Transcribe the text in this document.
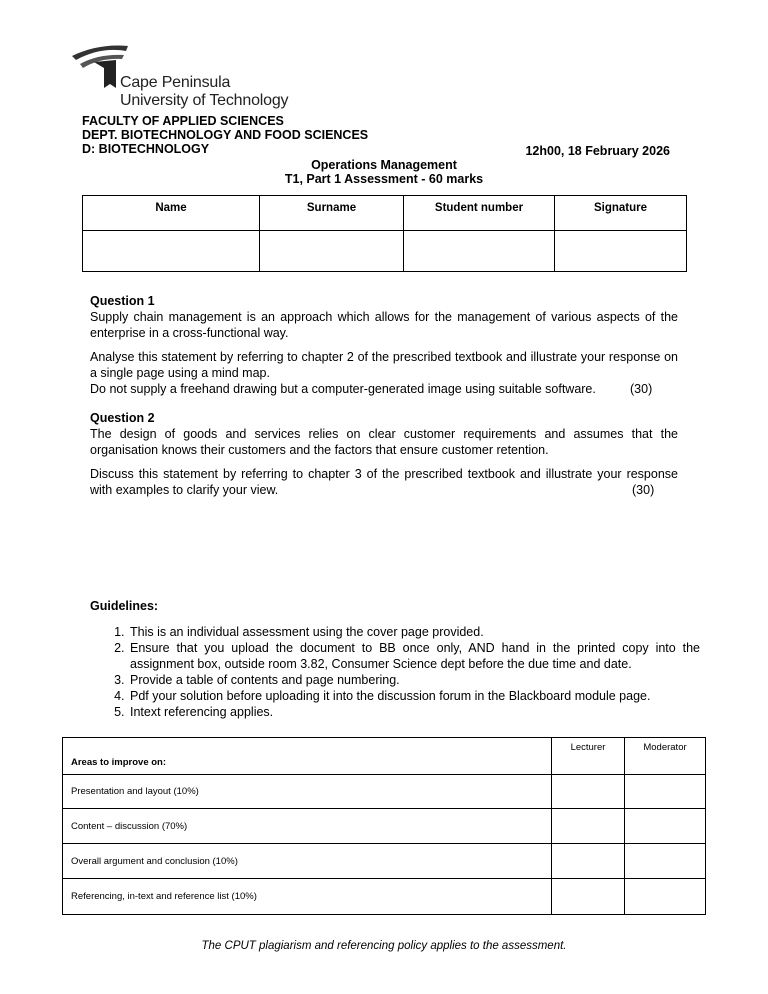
Cape Peninsula
University of Technology
FACULTY OF APPLIED SCIENCES
DEPT. BIOTECHNOLOGY AND FOOD SCIENCES
D: BIOTECHNOLOGY	12h00, 18 February 2026
Operations Management
T1, Part 1 Assessment - 60 marks
Name	Surname	Student number	Signature

Question 1
Supply chain management is an approach which allows for the management of various aspects of the enterprise in a cross-functional way.
Analyse this statement by referring to chapter 2 of the prescribed textbook and illustrate your response on a single page using a mind map.
Do not supply a freehand drawing but a computer-generated image using suitable software.	(30)
Question 2
The design of goods and services relies on clear customer requirements and assumes that the organisation knows their customers and the factors that ensure customer retention.
Discuss this statement by referring to chapter 3 of the prescribed textbook and illustrate your response with examples to clarify your view.	(30)
Guidelines:
1. This is an individual assessment using the cover page provided.
2. Ensure that you upload the document to BB once only, AND hand in the printed copy into the assignment box, outside room 3.82, Consumer Science dept before the due time and date.
3. Provide a table of contents and page numbering.
4. Pdf your solution before uploading it into the discussion forum in the Blackboard module page.
5. Intext referencing applies.
Areas to improve on:	Lecturer	Moderator
Presentation and layout (10%)		
Content – discussion (70%)		
Overall argument and conclusion (10%)		
Referencing, in-text and reference list (10%)		
The CPUT plagiarism and referencing policy applies to the assessment.
